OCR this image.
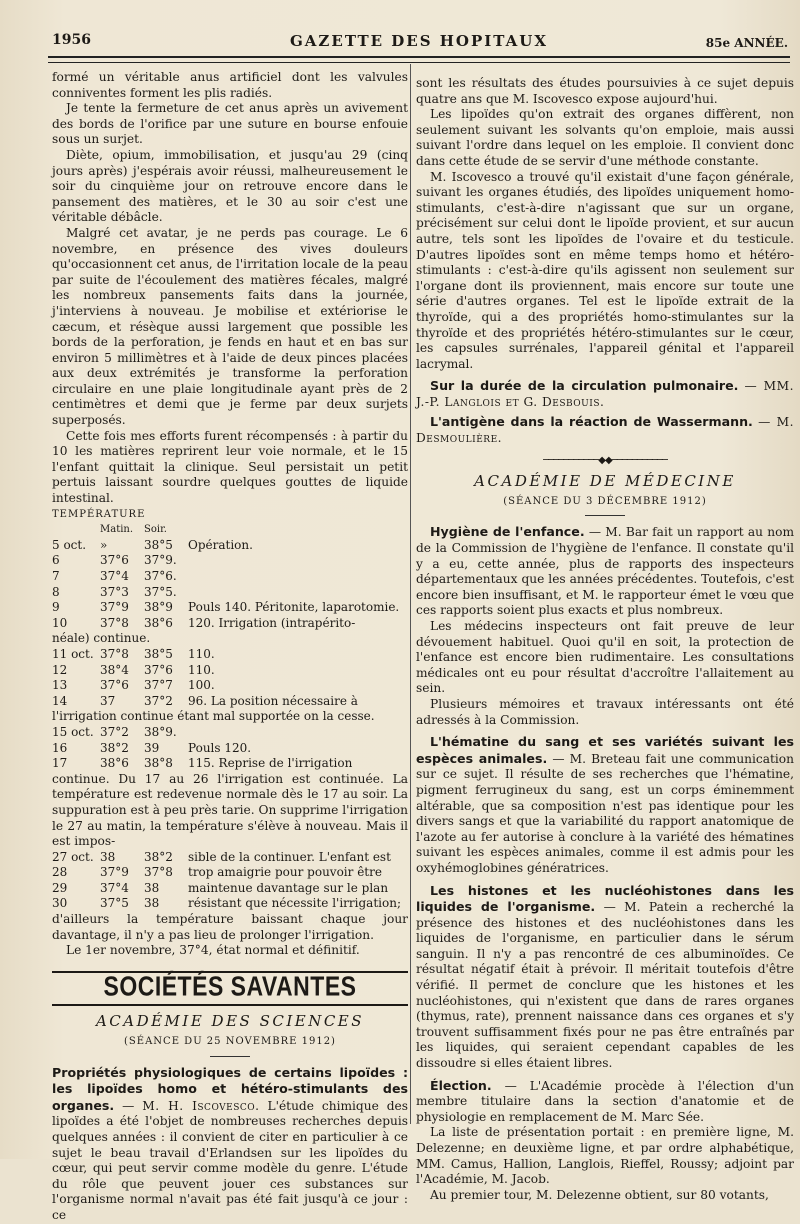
1956	GAZETTE DES HOPITAUX	85e ANNÉE.

formé un véritable anus artificiel dont les valvules conniventes forment les plis radiés.

Je tente la fermeture de cet anus après un avivement des bords de l'orifice par une suture en bourse enfouie sous un surjet.

Diète, opium, immobilisation, et jusqu'au 29 (cinq jours après) j'espérais avoir réussi, malheureusement le soir du cinquième jour on retrouve encore dans le pansement des matières, et le 30 au soir c'est une véritable débâcle.

Malgré cet avatar, je ne perds pas courage. Le 6 novembre, en présence des vives douleurs qu'occasionnent cet anus, de l'irritation locale de la peau par suite de l'écoulement des matières fécales, malgré les nombreux pansements faits dans la journée, j'interviens à nouveau. Je mobilise et extériorise le cæcum, et résèque aussi largement que possible les bords de la perforation, je fends en haut et en bas sur environ 5 millimètres et à l'aide de deux pinces placées aux deux extrémités je transforme la perforation circulaire en une plaie longitudinale ayant près de 2 centimètres et demi que je ferme par deux surjets superposés.

Cette fois mes efforts furent récompensés : à partir du 10 les matières reprirent leur voie normale, et le 15 l'enfant quittait la clinique. Seul persistait un petit pertuis laissant sourdre quelques gouttes de liquide intestinal.

TEMPÉRATURE			
	Matin.	Soir.	
5 oct.	»	38°5	Opération.
6	37°6	37°9.	
7	37°4	37°6.	
8	37°3	37°5.	
9	37°9	38°9	Pouls 140. Péritonite, laparotomie.
10	37°8	38°6	120. Irrigation (intrapérito-
néale) continue.			
11 oct.	37°8	38°5	110.
12	38°4	37°6	110.
13	37°6	37°7	100.
14	37	37°2	96. La position nécessaire à
l'irrigation continue étant mal supportée on la cesse.			
15 oct.	37°2	38°9.	
16	38°2	39	Pouls 120.
17	38°6	38°8	115. Reprise de l'irrigation

continue. Du 17 au 26 l'irrigation est continuée. La température est redevenue normale dès le 17 au soir. La suppuration est à peu près tarie. On supprime l'irrigation le 27 au matin, la température s'élève à nouveau. Mais il est impos-

27 oct.	38	38°2	sible de la continuer. L'enfant est
28	37°9	37°8	trop amaigrie pour pouvoir être
29	37°4	38	maintenue davantage sur le plan
30	37°5	38	résistant que nécessite l'irrigation;

d'ailleurs la température baissant chaque jour davantage, il n'y a pas lieu de prolonger l'irrigation.

Le 1er novembre, 37°4, état normal et définitif.

SOCIÉTÉS SAVANTES
ACADÉMIE DES SCIENCES
(SÉANCE DU 25 NOVEMBRE 1912)

Propriétés physiologiques de certains lipoïdes : les lipoïdes homo et hétéro-stimulants des organes. — M. H. Iscovesco. L'étude chimique des lipoïdes a été l'objet de nombreuses recherches depuis quelques années : il convient de citer en particulier à ce sujet le beau travail d'Erlandsen sur les lipoïdes du cœur, qui peut servir comme modèle du genre. L'étude du rôle que peuvent jouer ces substances sur l'organisme normal n'avait pas été fait jusqu'à ce jour : ce

sont les résultats des études poursuivies à ce sujet depuis quatre ans que M. Iscovesco expose aujourd'hui.

Les lipoïdes qu'on extrait des organes diffèrent, non seulement suivant les solvants qu'on emploie, mais aussi suivant l'ordre dans lequel on les emploie. Il convient donc dans cette étude de se servir d'une méthode constante.

M. Iscovesco a trouvé qu'il existait d'une façon générale, suivant les organes étudiés, des lipoïdes uniquement homo-stimulants, c'est-à-dire n'agissant que sur un organe, précisément sur celui dont le lipoïde provient, et sur aucun autre, tels sont les lipoïdes de l'ovaire et du testicule. D'autres lipoïdes sont en même temps homo et hétéro-stimulants : c'est-à-dire qu'ils agissent non seulement sur l'organe dont ils proviennent, mais encore sur toute une série d'autres organes. Tel est le lipoïde extrait de la thyroïde, qui a des propriétés homo-stimulantes sur la thyroïde et des propriétés hétéro-stimulantes sur le cœur, les capsules surrénales, l'appareil génital et l'appareil lacrymal.

Sur la durée de la circulation pulmonaire. — MM. J.-P. Langlois et G. Desbouis.

L'antigène dans la réaction de Wassermann. — M. Desmoulière.

───────────◆◆───────────
ACADÉMIE DE MÉDECINE
(SÉANCE DU 3 DÉCEMBRE 1912)

Hygiène de l'enfance. — M. Bar fait un rapport au nom de la Commission de l'hygiène de l'enfance. Il constate qu'il y a eu, cette année, plus de rapports des inspecteurs départementaux que les années précédentes. Toutefois, c'est encore bien insuffisant, et M. le rapporteur émet le vœu que ces rapports soient plus exacts et plus nombreux.

Les médecins inspecteurs ont fait preuve de leur dévouement habituel. Quoi qu'il en soit, la protection de l'enfance est encore bien rudimentaire. Les consultations médicales ont eu pour résultat d'accroître l'allaitement au sein.

Plusieurs mémoires et travaux intéressants ont été adressés à la Commission.

L'hématine du sang et ses variétés suivant les espèces animales. — M. Breteau fait une communication sur ce sujet. Il résulte de ses recherches que l'hématine, pigment ferrugineux du sang, est un corps éminemment altérable, que sa composition n'est pas identique pour les divers sangs et que la variabilité du rapport anatomique de l'azote au fer autorise à conclure à la variété des hématines suivant les espèces animales, comme il est admis pour les oxyhémoglobines génératrices.

Les histones et les nucléohistones dans les liquides de l'organisme. — M. Patein a recherché la présence des histones et des nucléohistones dans les liquides de l'organisme, en particulier dans le sérum sanguin. Il n'y a pas rencontré de ces albuminoïdes. Ce résultat négatif était à prévoir. Il méritait toutefois d'être vérifié. Il permet de conclure que les histones et les nucléohistones, qui n'existent que dans de rares organes (thymus, rate), prennent naissance dans ces organes et s'y trouvent suffisamment fixés pour ne pas être entraînés par les liquides, qui seraient cependant capables de les dissoudre si elles étaient libres.

Élection. — L'Académie procède à l'élection d'un membre titulaire dans la section d'anatomie et de physiologie en remplacement de M. Marc Sée.

La liste de présentation portait : en première ligne, M. Delezenne; en deuxième ligne, et par ordre alphabétique, MM. Camus, Hallion, Langlois, Rieffel, Roussy; adjoint par l'Académie, M. Jacob.

Au premier tour, M. Delezenne obtient, sur 80 votants,
